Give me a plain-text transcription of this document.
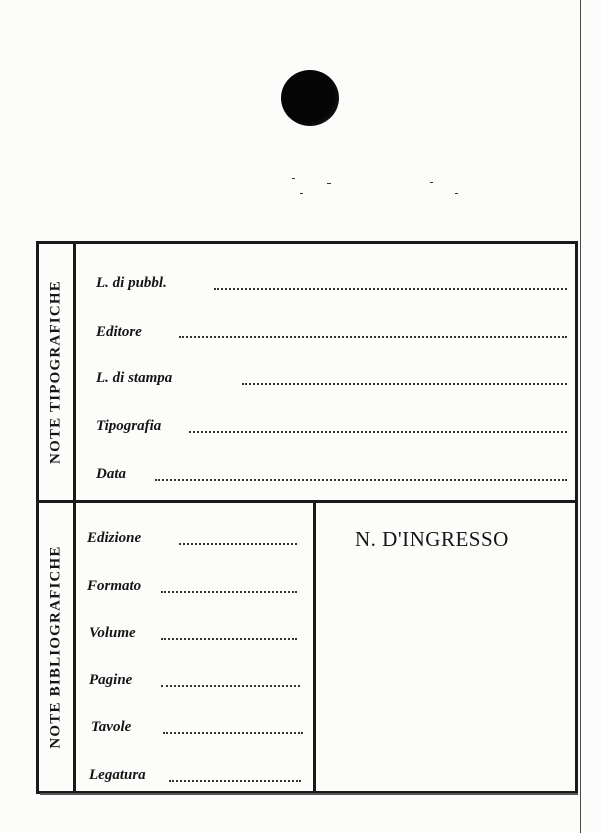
NOTE TIPOGRAFICHE L. di pubbl.
Editore
L. di stampa
Tipografia
Data
NOTE BIBLIOGRAFICHE
Edizione
Formato
Volume
Pagine
Tavole
Legatura
N. D'INGRESSO
